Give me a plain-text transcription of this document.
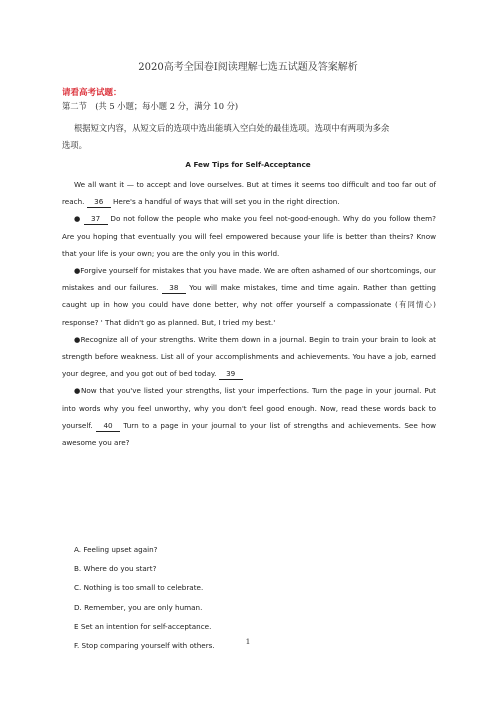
2020高考全国卷Ⅰ阅读理解七选五试题及答案解析
请看高考试题：
第二节　(共 5 小题；每小题 2 分，满分 10 分)
根据短文内容，从短文后的选项中选出能填入空白处的最佳选项。选项中有两项为多余
选项。
A Few Tips for Self-Acceptance

We all want it — to accept and love ourselves. But at times it seems too difficult and too far out of reach. 36 Here's a handful of ways that will set you in the right direction.

● 37 Do not follow the people who make you feel not-good-enough. Why do you follow them? Are you hoping that eventually you will feel empowered because your life is better than theirs? Know that your life is your own; you are the only you in this world.

●Forgive yourself for mistakes that you have made. We are often ashamed of our shortcomings, our mistakes and our failures. 38 You will make mistakes, time and time again. Rather than getting caught up in how you could have done better, why not offer yourself a compassionate (有同情心) response? ' That didn't go as planned. But, I tried my best.'

●Recognize all of your strengths. Write them down in a journal. Begin to train your brain to look at strength before weakness. List all of your accomplishments and achievements. You have a job, earned your degree, and you got out of bed today. 39

●Now that you've listed your strengths, list your imperfections. Turn the page in your journal. Put into words why you feel unworthy, why you don't feel good enough. Now, read these words back to yourself. 40 Turn to a page in your journal to your list of strengths and achievements. See how awesome you are?

A. Feeling upset again?
B. Where do you start?
C. Nothing is too small to celebrate.
D. Remember, you are only human.
E Set an intention for self-acceptance.
F. Stop comparing yourself with others.	1
